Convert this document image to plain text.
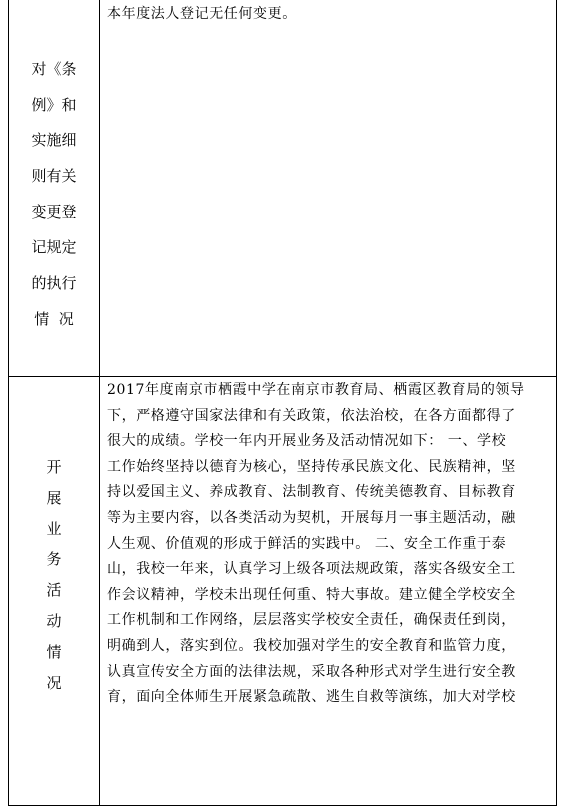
对《条
例》和
实施细
则有关
变更登
记规定
的执行
情  况
本年度法人登记无任何变更。
开
展
业
务
活
动
情
况
2017年度南京市栖霞中学在南京市教育局、栖霞区教育局的领导
下，严格遵守国家法律和有关政策，依法治校，在各方面都得了
很大的成绩。学校一年内开展业务及活动情况如下： 一、学校
工作始终坚持以德育为核心，坚持传承民族文化、民族精神，坚
持以爱国主义、养成教育、法制教育、传统美德教育、目标教育
等为主要内容，以各类活动为契机，开展每月一事主题活动，融
人生观、价值观的形成于鲜活的实践中。 二、安全工作重于泰
山，我校一年来，认真学习上级各项法规政策，落实各级安全工
作会议精神，学校未出现任何重、特大事故。建立健全学校安全
工作机制和工作网络，层层落实学校安全责任，确保责任到岗，
明确到人，落实到位。我校加强对学生的安全教育和监管力度，
认真宣传安全方面的法律法规，采取各种形式对学生进行安全教
育，面向全体师生开展紧急疏散、逃生自救等演练，加大对学校
